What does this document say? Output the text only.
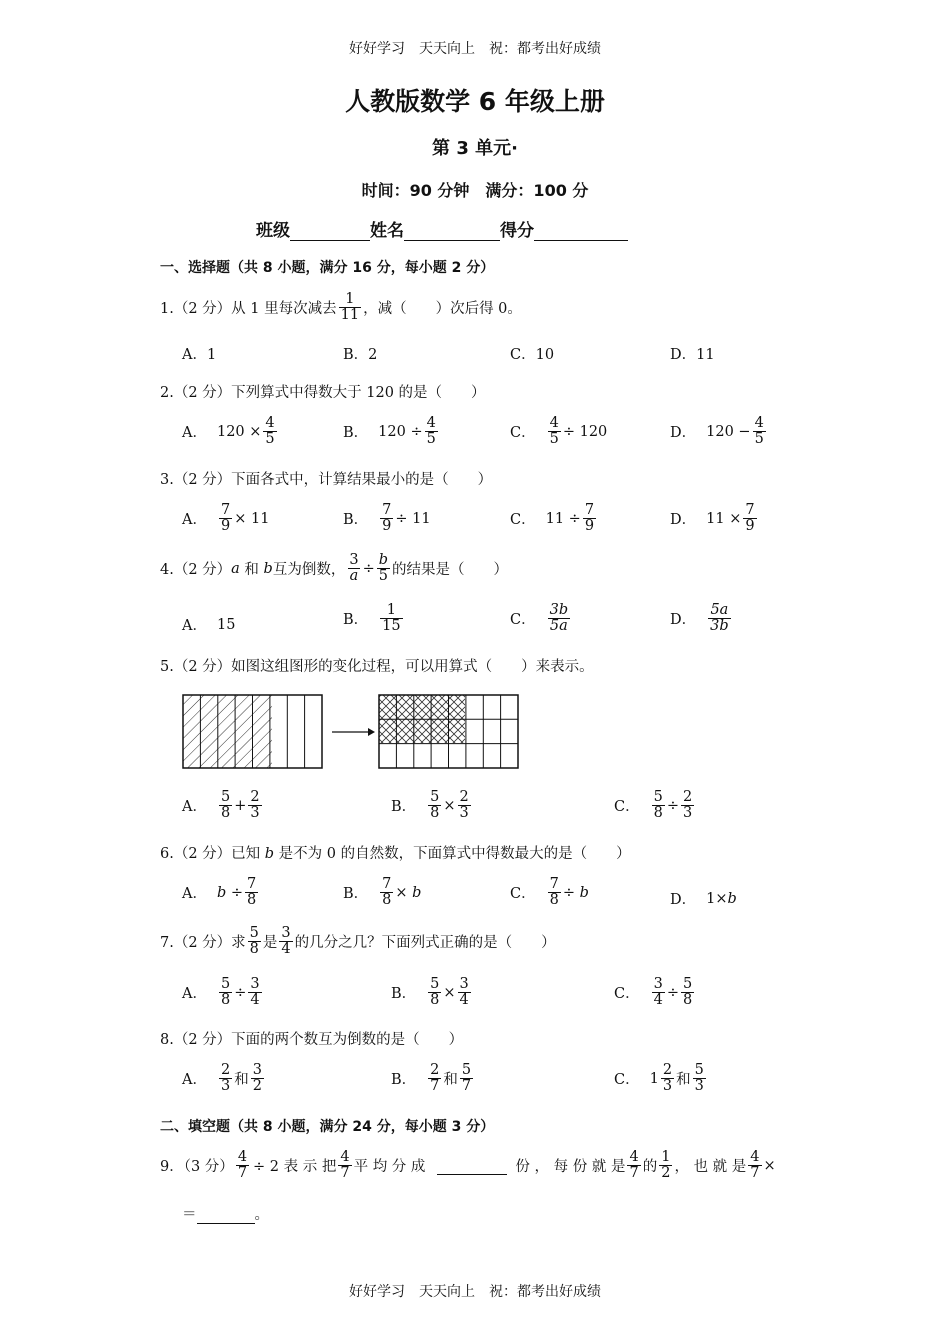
好好学习　天天向上　祝：都考出好成绩
人教版数学 6 年级上册
第 3 单元·
时间：90 分钟　满分：100 分
班级	姓名	得分
一、选择题（共 8 小题，满分 16 分，每小题 2 分）
1.（2 分）从 1 里每次减去 $\frac{1}{11}$ ，减（　　）次后得 0。
A．1	B．2	C．10	D．11
2.（2 分）下列算式中得数大于 120 的是（　　）
A． $120 \times \frac{4}{5}$	B． $120 \div \frac{4}{5}$	C． $\frac{4}{5} \div 120$	D． $120 - \frac{4}{5}$
3.（2 分）下面各式中，计算结果最小的是（　　）
A． $\frac{7}{9} \times 11$	B． $\frac{7}{9} \div 11$	C． $11 \div \frac{7}{9}$	D． $11 \times \frac{7}{9}$
4.（2 分） a 和 b 互为倒数， $\frac{3}{a} \div \frac{b}{5}$ 的结果是（　　）
A． 15	B． $\frac{1}{15}$	C． $\frac{3b}{5a}$	D． $\frac{5a}{3b}$
5.（2 分）如图这组图形的变化过程，可以用算式（　　）来表示。
A． $\frac{5}{8} + \frac{2}{3}$	B． $\frac{5}{8} \times \frac{2}{3}$	C． $\frac{5}{8} \div \frac{2}{3}$
6.（2 分）已知 b 是不为 0 的自然数，下面算式中得数最大的是（　　）
A． $b \div \frac{7}{8}$	B． $\frac{7}{8} \times b$	C． $\frac{7}{8} \div b$	D． 1× b
7.（2 分）求 $\frac{5}{8}$ 是 $\frac{3}{4}$ 的几分之几？下面列式正确的是（　　）
A． $\frac{5}{8} \div \frac{3}{4}$	B． $\frac{5}{8} \times \frac{3}{4}$	C． $\frac{3}{4} \div \frac{5}{8}$
8.（2 分）下面的两个数互为倒数的是（　　）
A． $\frac{2}{3}$ 和 $\frac{3}{2}$	B． $\frac{2}{7}$ 和 $\frac{5}{7}$	C． $1 \frac{2}{3}$ 和 $\frac{5}{3}$
二、填空题（共 8 小题，满分 24 分，每小题 3 分）
9．（3 分） $\frac{4}{7} \div 2$ 表 示 把 $\frac{4}{7}$ 平 均 分 成	份 ， 每 份 就 是 $\frac{4}{7}$ 的 $\frac{1}{2}$ ， 也 就 是 $\frac{4}{7}$ ×
＝	。
好好学习　天天向上　祝：都考出好成绩
